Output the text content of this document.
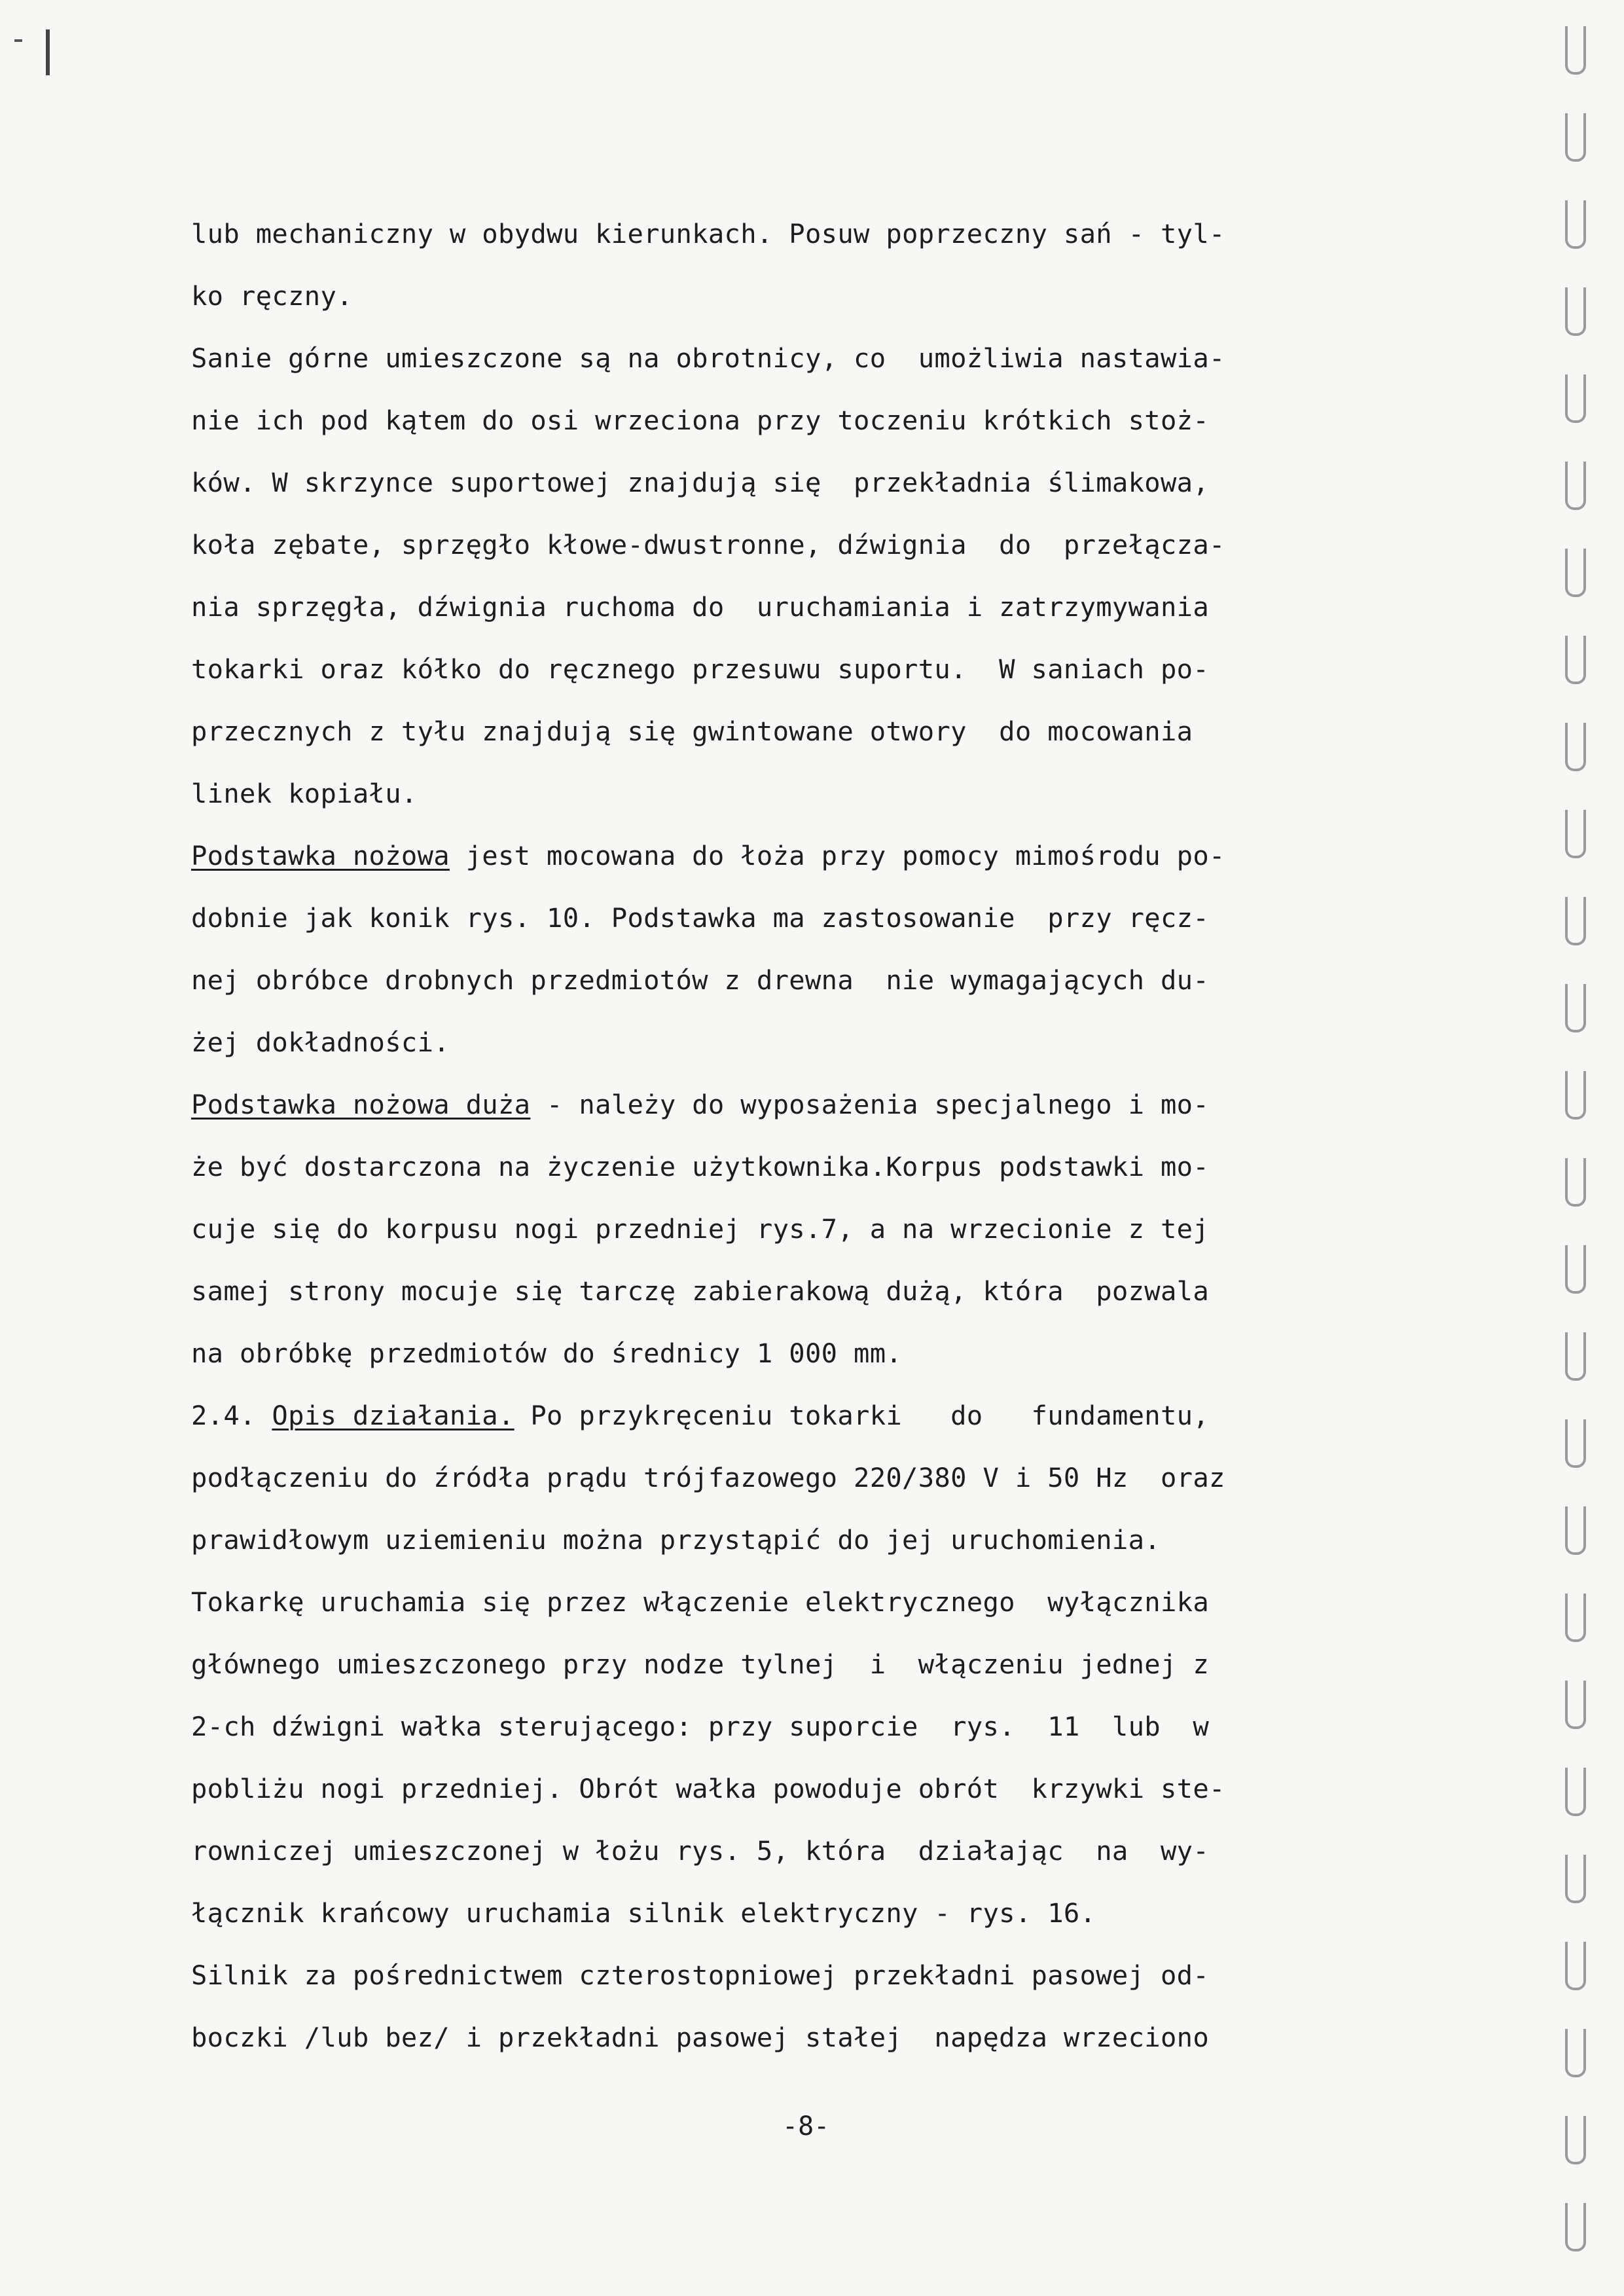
lub mechaniczny w obydwu kierunkach. Posuw poprzeczny sań - tyl-
ko ręczny.
Sanie górne umieszczone są na obrotnicy, co  umożliwia nastawia-
nie ich pod kątem do osi wrzeciona przy toczeniu krótkich stoż-
ków. W skrzynce suportowej znajdują się  przekładnia ślimakowa,
koła zębate, sprzęgło kłowe-dwustronne, dźwignia  do  przełącza-
nia sprzęgła, dźwignia ruchoma do  uruchamiania i zatrzymywania
tokarki oraz kółko do ręcznego przesuwu suportu.  W saniach po-
przecznych z tyłu znajdują się gwintowane otwory  do mocowania
linek kopiału.
Podstawka nożowa jest mocowana do łoża przy pomocy mimośrodu po-
dobnie jak konik rys. 10. Podstawka ma zastosowanie  przy ręcz-
nej obróbce drobnych przedmiotów z drewna  nie wymagających du-
żej dokładności.
Podstawka nożowa duża - należy do wyposażenia specjalnego i mo-
że być dostarczona na życzenie użytkownika.Korpus podstawki mo-
cuje się do korpusu nogi przedniej rys.7, a na wrzecionie z tej
samej strony mocuje się tarczę zabierakową dużą, która  pozwala
na obróbkę przedmiotów do średnicy 1 000 mm.
2.4. Opis działania. Po przykręceniu tokarki   do   fundamentu,
podłączeniu do źródła prądu trójfazowego 220/380 V i 50 Hz  oraz
prawidłowym uziemieniu można przystąpić do jej uruchomienia.
Tokarkę uruchamia się przez włączenie elektrycznego  wyłącznika
głównego umieszczonego przy nodze tylnej  i  włączeniu jednej z
2-ch dźwigni wałka sterującego: przy suporcie  rys.  11  lub  w
pobliżu nogi przedniej. Obrót wałka powoduje obrót  krzywki ste-
rowniczej umieszczonej w łożu rys. 5, która  działając  na  wy-
łącznik krańcowy uruchamia silnik elektryczny - rys. 16.
Silnik za pośrednictwem czterostopniowej przekładni pasowej od-
boczki /lub bez/ i przekładni pasowej stałej  napędza wrzeciono
-8-
